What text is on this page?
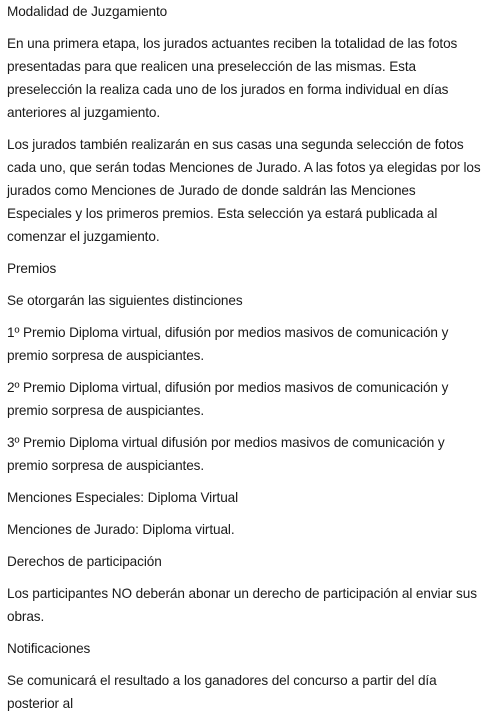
Modalidad de Juzgamiento

En una primera etapa, los jurados actuantes reciben la totalidad de las fotos presentadas para que realicen una preselección de las mismas. Esta preselección la realiza cada uno de los jurados en forma individual en días anteriores al juzgamiento.

Los jurados también realizarán en sus casas una segunda selección de fotos cada uno, que serán todas Menciones de Jurado. A las fotos ya elegidas por los jurados como Menciones de Jurado de donde saldrán las Menciones Especiales y los primeros premios. Esta selección ya estará publicada al comenzar el juzgamiento.

Premios

Se otorgarán las siguientes distinciones

1º Premio Diploma virtual, difusión por medios masivos de comunicación y premio sorpresa de auspiciantes.

2º Premio Diploma virtual, difusión por medios masivos de comunicación y premio sorpresa de auspiciantes.

3º Premio Diploma virtual difusión por medios masivos de comunicación y premio sorpresa de auspiciantes.

Menciones Especiales: Diploma Virtual

Menciones de Jurado: Diploma virtual.

Derechos de participación

Los participantes NO deberán abonar un derecho de participación al enviar sus obras.

Notificaciones

Se comunicará el resultado a los ganadores del concurso a partir del día posterior al
